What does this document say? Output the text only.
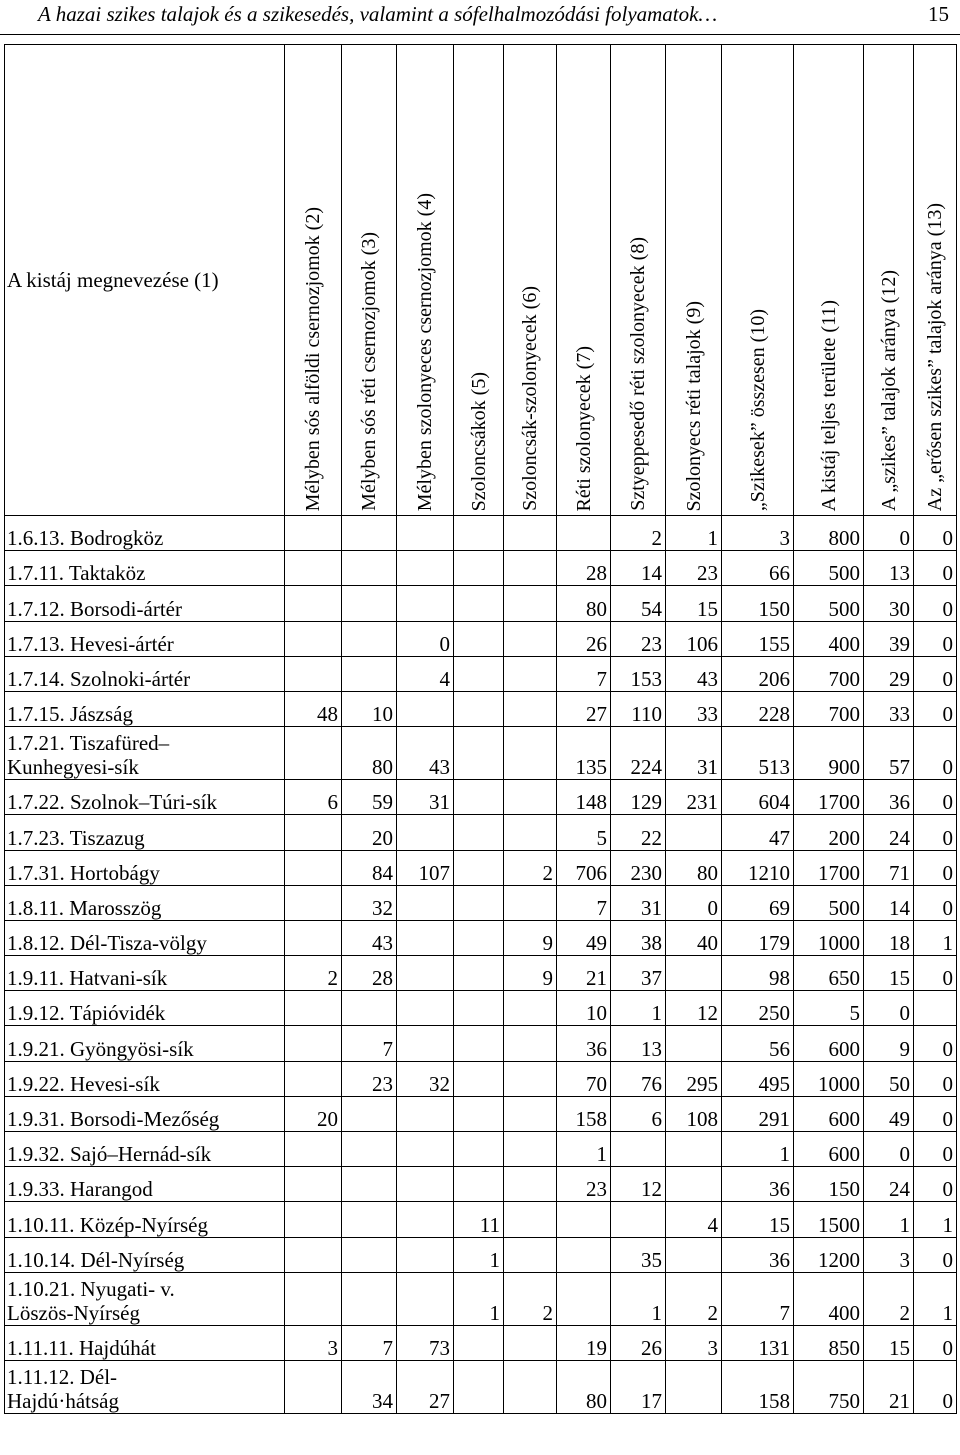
A hazai szikes talajok és a szikesedés, valamint a sófelhalmozódási folyamatok…	15
A kistáj megnevezése (1)	Mélyben sós alföldi csernozjomok (2)	Mélyben sós réti csernozjomok (3)	Mélyben szolonyeces csernozjomok (4)	Szoloncsákok (5)	Szoloncsák-szolonyecek (6)	Réti szolonyecek (7)	Sztyeppesedő réti szolonyecek (8)	Szolonyecs réti talajok (9)	„Szikesek” összesen (10)	A kistáj teljes területe (11)	A „szikes” talajok aránya (12)	Az „erősen szikes” talajok aránya (13)

1.6.13. Bodrogköz							2	1	3	800	0	0
1.7.11. Taktaköz						28	14	23	66	500	13	0
1.7.12. Borsodi-ártér						80	54	15	150	500	30	0
1.7.13. Hevesi-ártér			0			26	23	106	155	400	39	0
1.7.14. Szolnoki-ártér			4			7	153	43	206	700	29	0
1.7.15. Jászság	48	10				27	110	33	228	700	33	0
1.7.21. Tiszafüred–
Kunhegyesi-sík		80	43			135	224	31	513	900	57	0
1.7.22. Szolnok–Túri-sík	6	59	31			148	129	231	604	1700	36	0
1.7.23. Tiszazug		20				5	22		47	200	24	0
1.7.31. Hortobágy		84	107		2	706	230	80	1210	1700	71	0
1.8.11. Marosszög		32				7	31	0	69	500	14	0
1.8.12. Dél-Tisza-völgy		43			9	49	38	40	179	1000	18	1
1.9.11. Hatvani-sík	2	28			9	21	37		98	650	15	0
1.9.12. Tápióvidék						10	1	12	250	5	0	
1.9.21. Gyöngyösi-sík		7				36	13		56	600	9	0
1.9.22. Hevesi-sík		23	32			70	76	295	495	1000	50	0
1.9.31. Borsodi-Mezőség	20					158	6	108	291	600	49	0
1.9.32. Sajó–Hernád-sík						1			1	600	0	0
1.9.33. Harangod						23	12		36	150	24	0
1.10.11. Közép-Nyírség				11				4	15	1500	1	1
1.10.14. Dél-Nyírség				1			35		36	1200	3	0
1.10.21. Nyugati- v.
Löszös-Nyírség				1	2		1	2	7	400	2	1
1.11.11. Hajdúhát	3	7	73			19	26	3	131	850	15	0
1.11.12. Dél-
Hajdú·hátság		34	27			80	17		158	750	21	0
